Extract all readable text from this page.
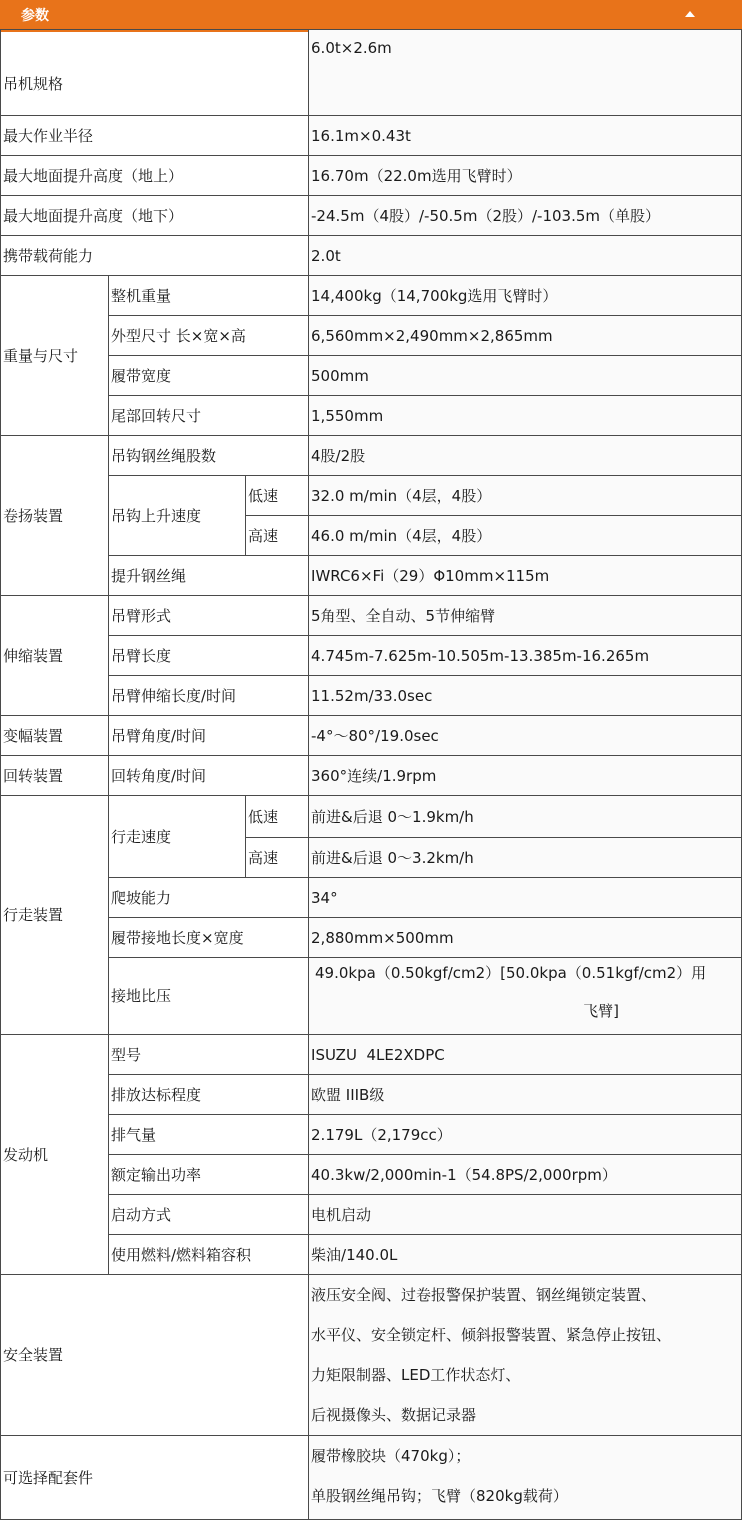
参数
吊机规格			6.0t×2.6m
最大作业半径			16.1m×0.43t
最大地面提升高度（地上）			16.70m（22.0m选用飞臂时）
最大地面提升高度（地下）			-24.5m（4股）/-50.5m（2股）/-103.5m（单股）
携带载荷能力			2.0t
重量与尺寸	整机重量		14,400kg（14,700kg选用飞臂时）
	外型尺寸 长×宽×高		6,560mm×2,490mm×2,865mm
	履带宽度		500mm
	尾部回转尺寸		1,550mm
卷扬装置	吊钩钢丝绳股数		4股/2股
	吊钩上升速度	低速	32.0 m/min（4层，4股）
		高速	46.0 m/min（4层，4股）
	提升钢丝绳		IWRC6×Fi（29）Φ10mm×115m
伸缩装置	吊臂形式		5角型、全自动、5节伸缩臂
	吊臂长度		4.745m-7.625m-10.505m-13.385m-16.265m
	吊臂伸缩长度/时间		11.52m/33.0sec
变幅装置	吊臂角度/时间		-4°～80°/19.0sec
回转装置	回转角度/时间		360°连续/1.9rpm
行走装置	行走速度	低速	前进&后退 0～1.9km/h
		高速	前进&后退 0～3.2km/h
	爬坡能力		34°
	履带接地长度×宽度		2,880mm×500mm
	接地比压		49.0kpa（0.50kgf/cm2）[50.0kpa（0.51kgf/cm2）用
飞臂]

发动机	型号		ISUZU  4LE2XDPC
	排放达标程度		欧盟 IIIB级
	排气量		2.179L（2,179cc）
	额定输出功率		40.3kw/2,000min-1（54.8PS/2,000rpm）
	启动方式		电机启动
	使用燃料/燃料箱容积		柴油/140.0L
安全装置			液压安全阀、过卷报警保护装置、钢丝绳锁定装置、
水平仪、安全锁定杆、倾斜报警装置、紧急停止按钮、
力矩限制器、LED工作状态灯、
后视摄像头、数据记录器

可选择配套件			履带橡胶块（470kg）；
单股钢丝绳吊钩；飞臂（820kg载荷）
